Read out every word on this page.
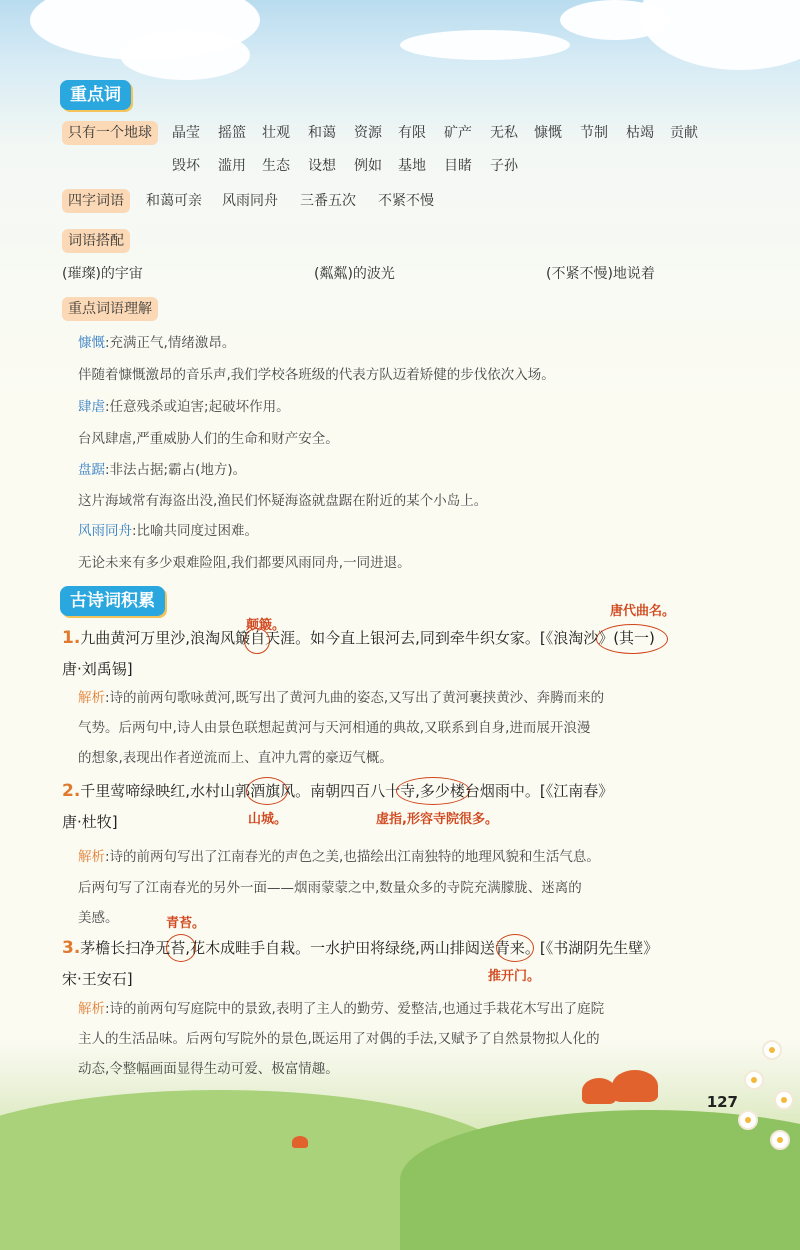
重点词
只有一个地球	晶莹 摇篮 壮观 和蔼 资源 有限 矿产 无私 慷慨 节制 枯竭 贡献
毁坏 滥用 生态 设想 例如 基地 目睹 子孙
四字词语	和蔼可亲 风雨同舟 三番五次 不紧不慢
词语搭配
(璀璨)的宇宙	(粼粼)的波光	(不紧不慢)地说着
重点词语理解
慷慨:充满正气,情绪激昂。
伴随着慷慨激昂的音乐声,我们学校各班级的代表方队迈着矫健的步伐依次入场。
肆虐:任意残杀或迫害;起破坏作用。
台风肆虐,严重威胁人们的生命和财产安全。
盘踞:非法占据;霸占(地方)。
这片海域常有海盗出没,渔民们怀疑海盗就盘踞在附近的某个小岛上。
风雨同舟:比喻共同度过困难。
无论未来有多少艰难险阻,我们都要风雨同舟,一同进退。
古诗词积累
颠簸。
唐代曲名。
1.九曲黄河万里沙,浪淘风簸自天涯。如今直上银河去,同到牵牛织女家。[《浪淘沙》(其一)
唐·刘禹锡]
解析:诗的前两句歌咏黄河,既写出了黄河九曲的姿态,又写出了黄河裹挟黄沙、奔腾而来的
气势。后两句中,诗人由景色联想起黄河与天河相通的典故,又联系到自身,进而展开浪漫
的想象,表现出作者逆流而上、直冲九霄的豪迈气概。
2.千里莺啼绿映红,水村山郭酒旗风。南朝四百八十寺,多少楼台烟雨中。[《江南春》
山城。	虚指,形容寺院很多。
唐·杜牧]
解析:诗的前两句写出了江南春光的声色之美,也描绘出江南独特的地理风貌和生活气息。
后两句写了江南春光的另外一面——烟雨蒙蒙之中,数量众多的寺院充满朦胧、迷离的
美感。	青苔。
3.茅檐长扫净无苔,花木成畦手自栽。一水护田将绿绕,两山排闼送青来。[《书湖阴先生壁》
宋·王安石]	推开门。
解析:诗的前两句写庭院中的景致,表明了主人的勤劳、爱整洁,也通过手栽花木写出了庭院
主人的生活品味。后两句写院外的景色,既运用了对偶的手法,又赋予了自然景物拟人化的
动态,令整幅画面显得生动可爱、极富情趣。
127
